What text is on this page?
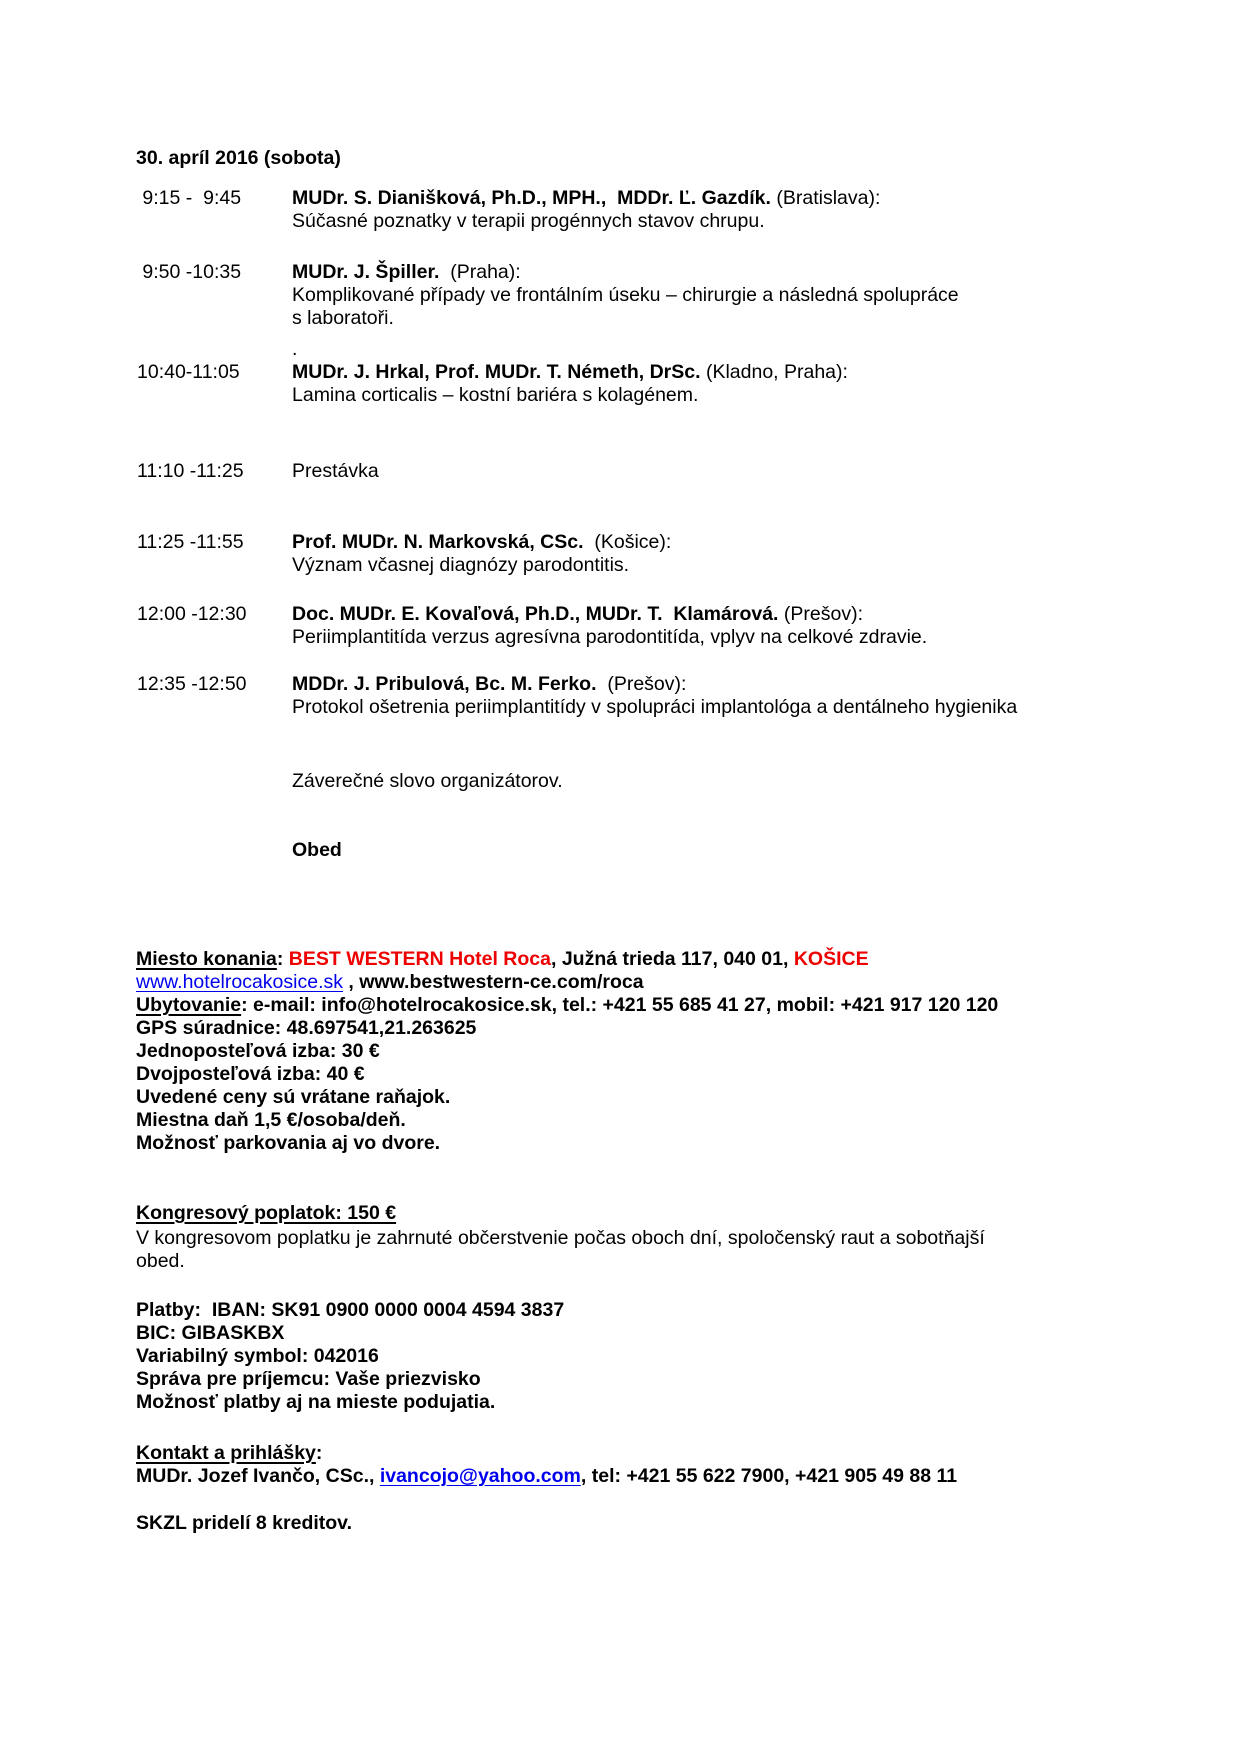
30. apríl 2016 (sobota)
9:15 -  9:45	MUDr. S. Dianišková, Ph.D., MPH.,  MDDr. Ľ. Gazdík. (Bratislava):
Súčasné poznatky v terapii progénnych stavov chrupu.
9:50 -10:35	MUDr. J. Špiller.  (Praha):
Komplikované případy ve frontálním úseku – chirurgie a následná spolupráce
s laboratoři.
.
10:40-11:05	MUDr. J. Hrkal, Prof. MUDr. T. Németh, DrSc. (Kladno, Praha):
Lamina corticalis – kostní bariéra s kolagénem.
11:10 -11:25 Prestávka
11:25 -11:55 Prof. MUDr. N. Markovská, CSc.  (Košice):
Význam včasnej diagnózy parodontitis.
12:00 -12:30 Doc. MUDr. E. Kovaľová, Ph.D., MUDr. T.  Klamárová. (Prešov):
Periimplantitída verzus agresívna parodontitída, vplyv na celkové zdravie.
12:35 -12:50 MDDr. J. Pribulová, Bc. M. Ferko.  (Prešov):
Protokol ošetrenia periimplantitídy v spolupráci implantológa a dentálneho hygienika
Záverečné slovo organizátorov.
Obed
Miesto konania: BEST WESTERN Hotel Roca, Južná trieda 117, 040 01, KOŠICE
www.hotelrocakosice.sk , www.bestwestern-ce.com/roca
Ubytovanie: e-mail: info@hotelrocakosice.sk, tel.: +421 55 685 41 27, mobil: +421 917 120 120
GPS súradnice: 48.697541,21.263625
Jednoposteľová izba: 30 €
Dvojposteľová izba: 40 €
Uvedené ceny sú vrátane raňajok.
Miestna daň 1,5 €/osoba/deň.
Možnosť parkovania aj vo dvore.
Kongresový poplatok: 150 €
V kongresovom poplatku je zahrnuté občerstvenie počas oboch dní, spoločenský raut a sobotňajší
obed.
Platby:  IBAN: SK91 0900 0000 0004 4594 3837
BIC: GIBASKBX
Variabilný symbol: 042016
Správa pre príjemcu: Vaše priezvisko
Možnosť platby aj na mieste podujatia.
Kontakt a prihlášky:
MUDr. Jozef Ivančo, CSc., ivancojo@yahoo.com, tel: +421 55 622 7900, +421 905 49 88 11
SKZL pridelí 8 kreditov.
